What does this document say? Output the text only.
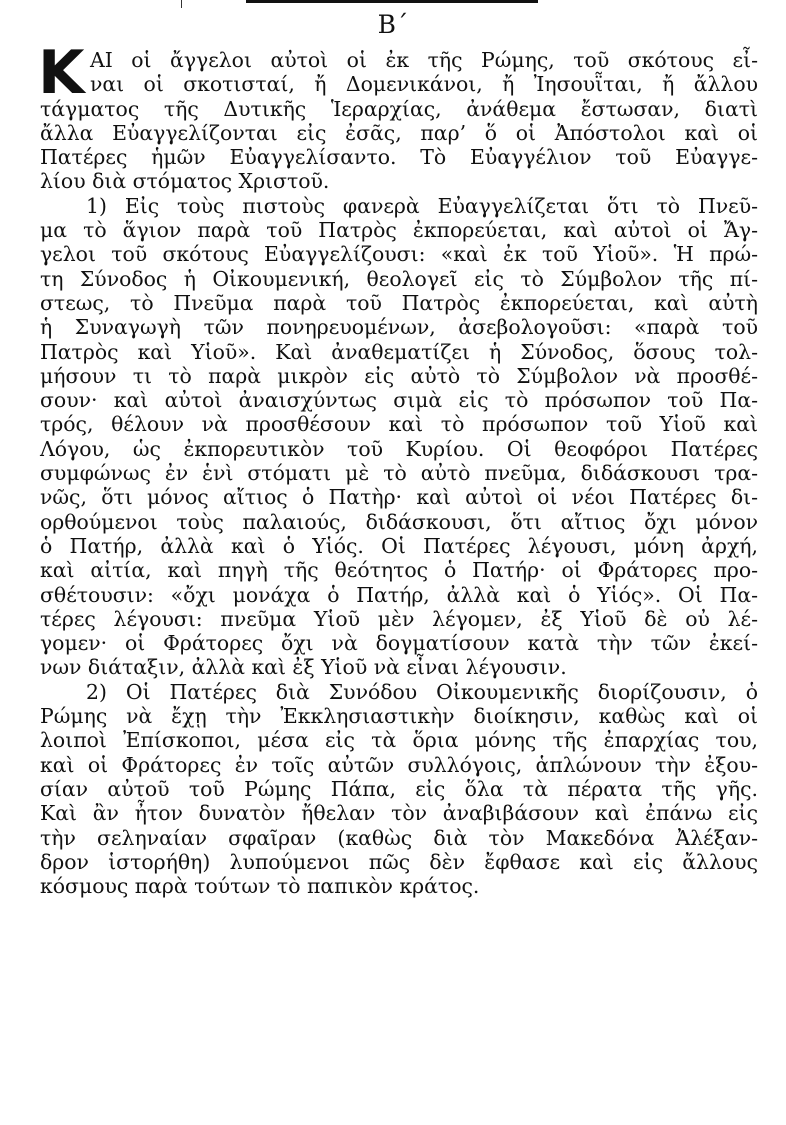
Β΄
Κ ΑΙ οἱ ἄγγελοι αὐτοὶ οἱ ἐκ τῆς Ρώμης, τοῦ σκότους εἶ-
ναι οἱ σκοτισταί, ἤ Δομενικάνοι, ἤ Ἰησουῗται, ἤ ἄλλου
τάγματος τῆς Δυτικῆς Ἱεραρχίας, ἀνάθεμα ἔστωσαν, διατὶ
ἄλλα Εὐαγγελίζονται εἰς ἐσᾶς, παρ’ ὅ οἱ Ἀπόστολοι καὶ οἱ
Πατέρες ἡμῶν Εὐαγγελίσαντο. Τὸ Εὐαγγέλιον τοῦ Εὐαγγε-
λίου διὰ στόματος Χριστοῦ.
1) Εἰς τοὺς πιστοὺς φανερὰ Εὐαγγελίζεται ὅτι τὸ Πνεῦ-
μα τὸ ἅγιον παρὰ τοῦ Πατρὸς ἐκπορεύεται, καὶ αὐτοὶ οἱ Ἄγ-
γελοι τοῦ σκότους Εὐαγγελίζουσι: «καὶ ἐκ τοῦ Υἱοῦ». Ἡ πρώ-
τη Σύνοδος ἡ Οἰκουμενική, θεολογεῖ εἰς τὸ Σύμβολον τῆς πί-
στεως, τὸ Πνεῦμα παρὰ τοῦ Πατρὸς ἐκπορεύεται, καὶ αὐτὴ
ἡ Συναγωγὴ τῶν πονηρευομένων, ἀσεβολογοῦσι: «παρὰ τοῦ
Πατρὸς καὶ Υἱοῦ». Καὶ ἀναθεματίζει ἡ Σύνοδος, ὅσους τολ-
μήσουν τι τὸ παρὰ μικρὸν εἰς αὐτὸ τὸ Σύμβολον νὰ προσθέ-
σουν· καὶ αὐτοὶ ἀναισχύντως σιμὰ εἰς τὸ πρόσωπον τοῦ Πα-
τρός, θέλουν νὰ προσθέσουν καὶ τὸ πρόσωπον τοῦ Υἱοῦ καὶ
Λόγου, ὡς ἐκπορευτικὸν τοῦ Κυρίου. Οἱ θεοφόροι Πατέρες
συμφώνως ἐν ἑνὶ στόματι μὲ τὸ αὐτὸ πνεῦμα, διδάσκουσι τρα-
νῶς, ὅτι μόνος αἴτιος ὁ Πατὴρ· καὶ αὐτοὶ οἱ νέοι Πατέρες δι-
ορθούμενοι τοὺς παλαιούς, διδάσκουσι, ὅτι αἴτιος ὄχι μόνον
ὁ Πατήρ, ἀλλὰ καὶ ὁ Υἱός. Οἱ Πατέρες λέγουσι, μόνη ἀρχή,
καὶ αἰτία, καὶ πηγὴ τῆς θεότητος ὁ Πατήρ· οἱ Φράτορες προ-
σθέτουσιν: «ὄχι μονάχα ὁ Πατήρ, ἀλλὰ καὶ ὁ Υἱός». Οἱ Πα-
τέρες λέγουσι: πνεῦμα Υἱοῦ μὲν λέγομεν, ἐξ Υἱοῦ δὲ οὐ λέ-
γομεν· οἱ Φράτορες ὄχι νὰ δογματίσουν κατὰ τὴν τῶν ἐκεί-
νων διάταξιν, ἀλλὰ καὶ ἐξ Υἱοῦ νὰ εἶναι λέγουσιν.
2) Οἱ Πατέρες διὰ Συνόδου Οἰκουμενικῆς διορίζουσιν, ὁ
Ρώμης νὰ ἔχῃ τὴν Ἐκκλησιαστικὴν διοίκησιν, καθὼς καὶ οἱ
λοιποὶ Ἐπίσκοποι, μέσα εἰς τὰ ὅρια μόνης τῆς ἐπαρχίας του,
καὶ οἱ Φράτορες ἐν τοῖς αὐτῶν συλλόγοις, ἁπλώνουν τὴν ἐξου-
σίαν αὐτοῦ τοῦ Ρώμης Πάπα, εἰς ὅλα τὰ πέρατα τῆς γῆς.
Καὶ ἂν ἦτον δυνατὸν ἤθελαν τὸν ἀναβιβάσουν καὶ ἐπάνω εἰς
τὴν σεληναίαν σφαῖραν (καθὼς διὰ τὸν Μακεδόνα Ἀλέξαν-
δρον ἱστορήθη) λυπούμενοι πῶς δὲν ἔφθασε καὶ εἰς ἄλλους
κόσμους παρὰ τούτων τὸ παπικὸν κράτος.
